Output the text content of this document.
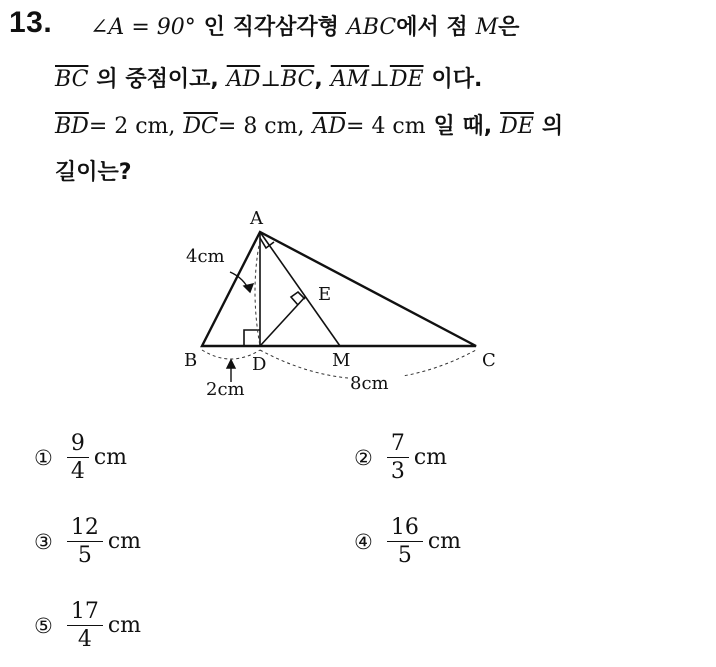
13. ∠A = 90° 인 직각삼각형 ABC에서 점 M은
$\overline{BC}$ 의 중점이고, $\overline{AD}\perp\overline{BC}$, $\overline{AM}\perp\overline{DE}$ 이다.
$\overline{BD}= 2$ cm, $\overline{DC}= 8$ cm, $\overline{AD}= 4$ cm 일 때, $\overline{DE}$ 의
길이는?
A
B	C
D
E
M
4cm
2cm	8cm
① $\frac{9}{4}$ cm	② $\frac{7}{3}$ cm
③ $\frac{12}{5}$ cm	④ $\frac{16}{5}$ cm
⑤ $\frac{17}{4}$ cm
